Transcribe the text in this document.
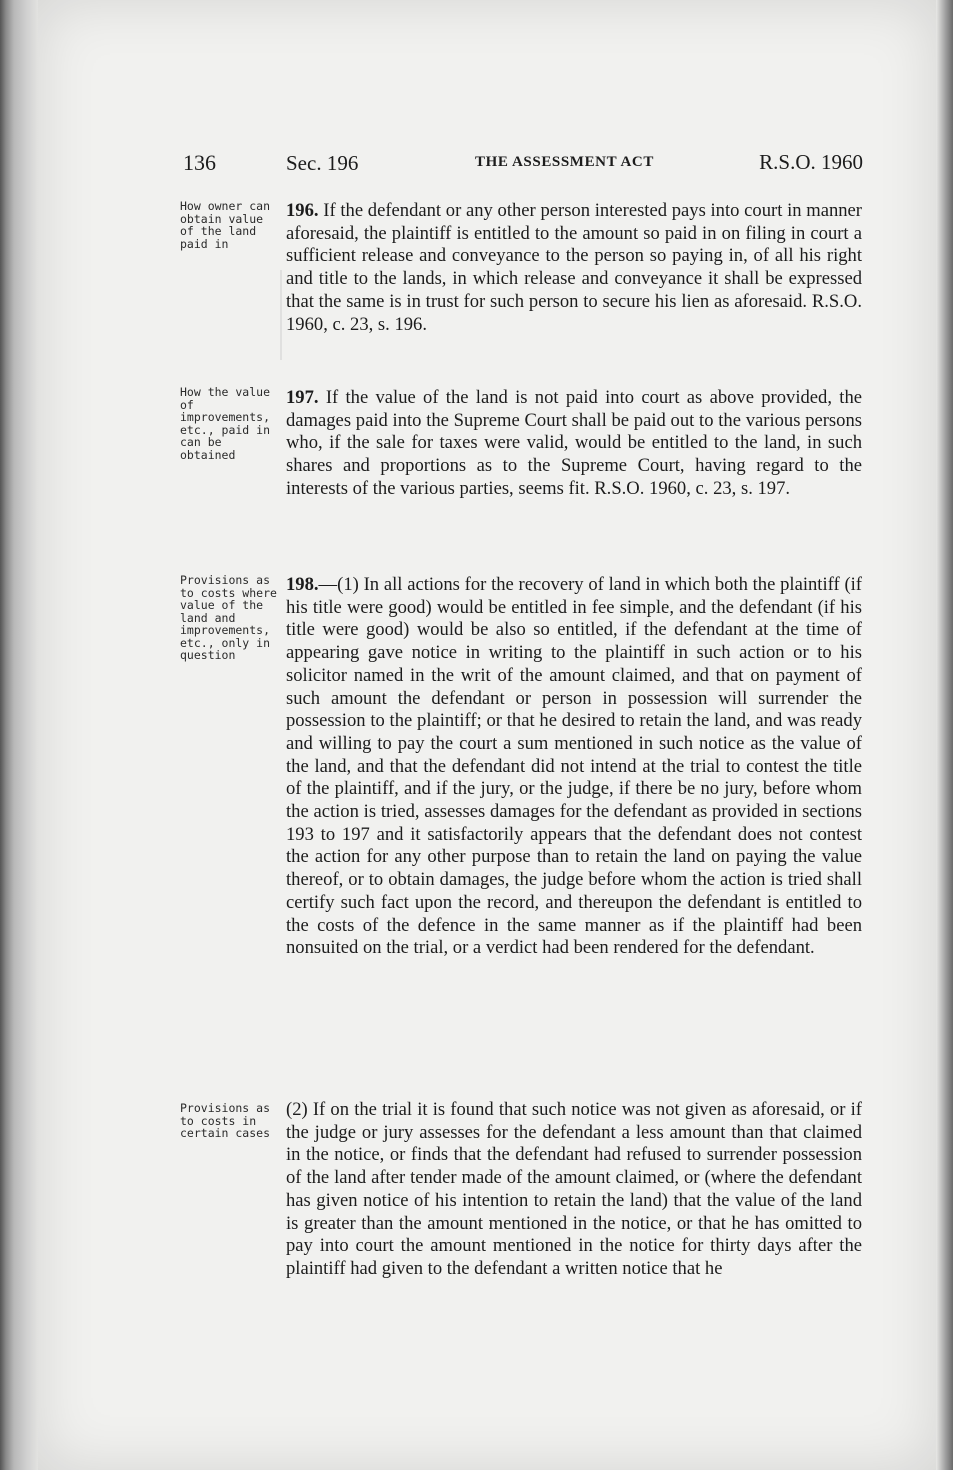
136	Sec. 196	THE ASSESSMENT ACT	R.S.O. 1960
How owner can obtain value of the land paid in
196. If the defendant or any other person interested pays into court in manner aforesaid, the plaintiff is entitled to the amount so paid in on filing in court a sufficient release and conveyance to the person so paying in, of all his right and title to the lands, in which release and conveyance it shall be expressed that the same is in trust for such person to secure his lien as aforesaid. R.S.O. 1960, c. 23, s. 196.
How the value of improvements, etc., paid in can be obtained
197. If the value of the land is not paid into court as above provided, the damages paid into the Supreme Court shall be paid out to the various persons who, if the sale for taxes were valid, would be entitled to the land, in such shares and proportions as to the Supreme Court, having regard to the interests of the various parties, seems fit. R.S.O. 1960, c. 23, s. 197.
Provisions as to costs where value of the land and improvements, etc., only in question
198.—(1) In all actions for the recovery of land in which both the plaintiff (if his title were good) would be entitled in fee simple, and the defendant (if his title were good) would be also so entitled, if the defendant at the time of appearing gave notice in writing to the plaintiff in such action or to his solicitor named in the writ of the amount claimed, and that on payment of such amount the defendant or person in possession will surrender the possession to the plaintiff; or that he desired to retain the land, and was ready and willing to pay the court a sum mentioned in such notice as the value of the land, and that the defendant did not intend at the trial to contest the title of the plaintiff, and if the jury, or the judge, if there be no jury, before whom the action is tried, assesses damages for the defendant as provided in sections 193 to 197 and it satisfactorily appears that the defendant does not contest the action for any other purpose than to retain the land on paying the value thereof, or to obtain damages, the judge before whom the action is tried shall certify such fact upon the record, and thereupon the defendant is entitled to the costs of the defence in the same manner as if the plaintiff had been nonsuited on the trial, or a verdict had been rendered for the defendant.
Provisions as to costs in certain cases
(2) If on the trial it is found that such notice was not given as aforesaid, or if the judge or jury assesses for the defendant a less amount than that claimed in the notice, or finds that the defendant had refused to surrender possession of the land after tender made of the amount claimed, or (where the defendant has given notice of his intention to retain the land) that the value of the land is greater than the amount mentioned in the notice, or that he has omitted to pay into court the amount mentioned in the notice for thirty days after the plaintiff had given to the defendant a written notice that he
